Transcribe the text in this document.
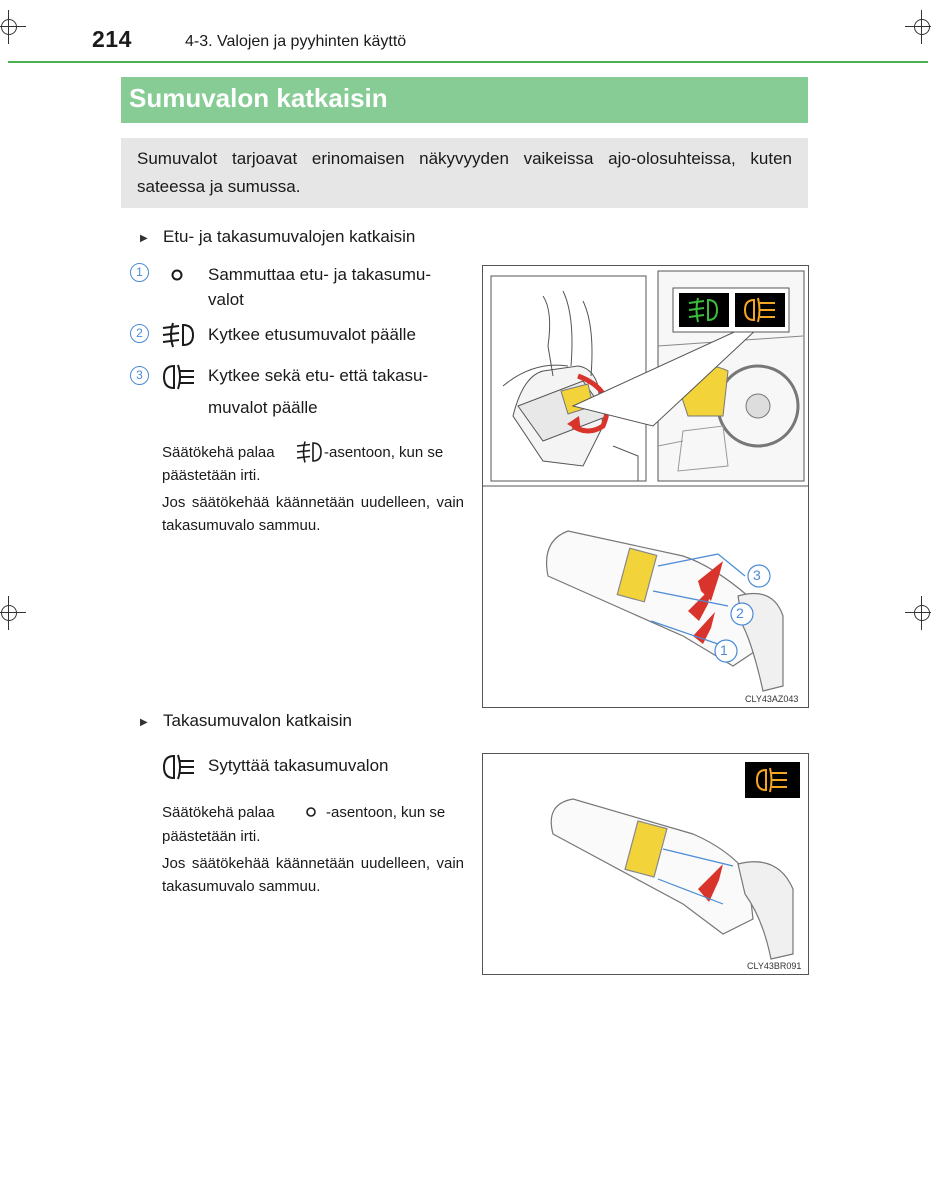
214	4-3. Valojen ja pyyhinten käyttö
Sumuvalon katkaisin
Sumuvalot tarjoavat erinomaisen näkyvyyden vaikeissa ajo-olosuhteissa, kuten sateessa ja sumussa.
▶ Etu- ja takasumuvalojen katkaisin
1	Sammuttaa etu- ja takasumu-
valot
2	Kytkee etusumuvalot päälle
3	Kytkee sekä etu- että takasu-
muvalot päälle
Säätökehä palaa	-asentoon, kun se
päästetään irti.
Jos säätökehää käännetään uudelleen, vain takasumuvalo sammuu.
1
2
3
CLY43AZ043
▶ Takasumuvalon katkaisin
Sytyttää takasumuvalon
Säätökehä palaa	-asentoon, kun se
päästetään irti.
Jos säätökehää käännetään uudelleen, vain takasumuvalo sammuu.
CLY43BR091
